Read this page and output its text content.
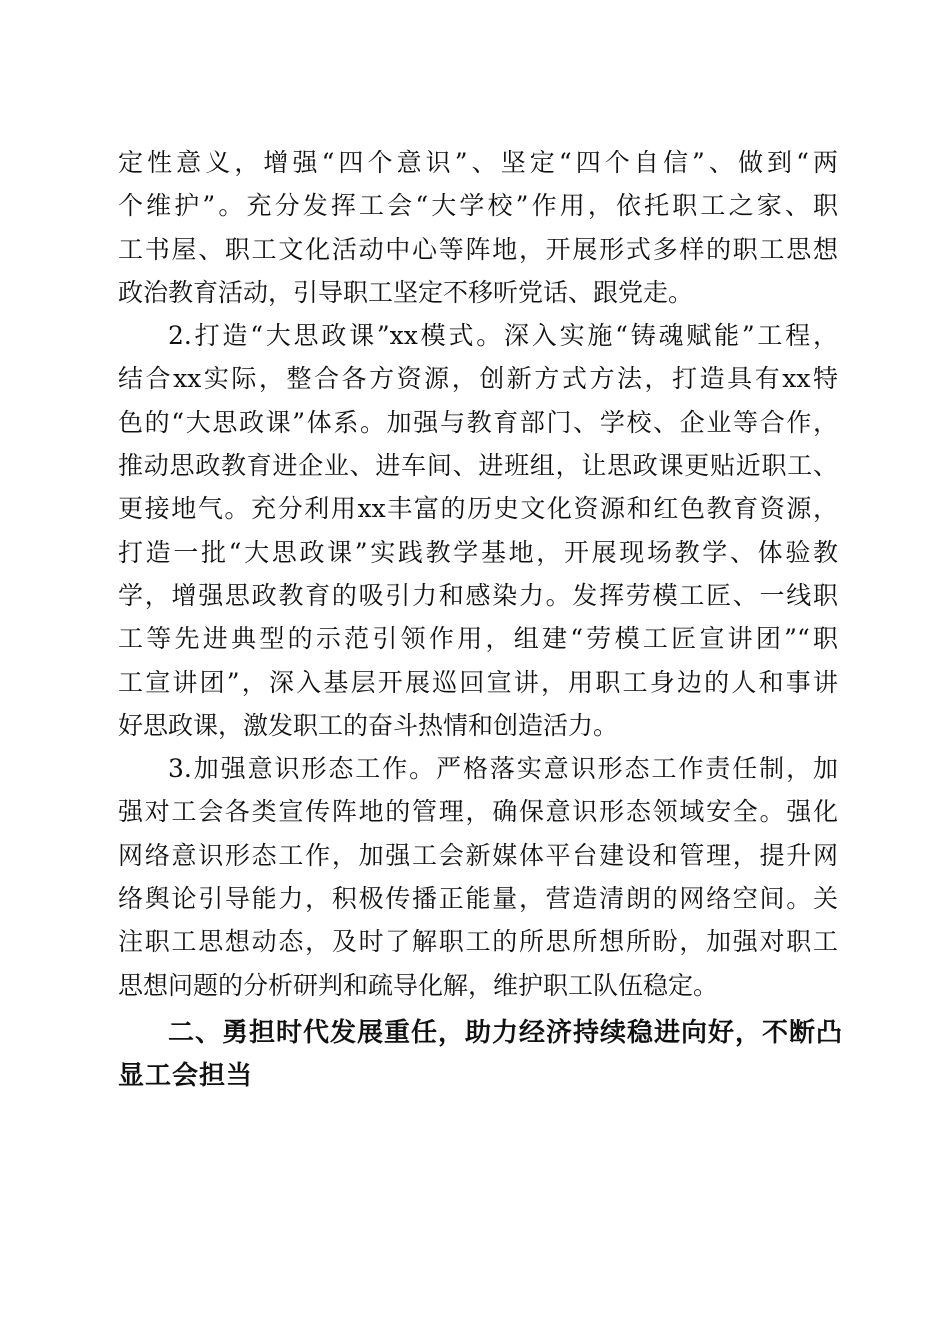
定性意义，增强“四个意识”、坚定“四个自信”、做到“两
个维护”。充分发挥工会“大学校”作用，依托职工之家、职
工书屋、职工文化活动中心等阵地，开展形式多样的职工思想
政治教育活动，引导职工坚定不移听党话、跟党走。
2.打造“大思政课”xx模式。深入实施“铸魂赋能”工程，
结合xx实际，整合各方资源，创新方式方法，打造具有xx特
色的“大思政课”体系。加强与教育部门、学校、企业等合作，
推动思政教育进企业、进车间、进班组，让思政课更贴近职工、
更接地气。充分利用xx丰富的历史文化资源和红色教育资源，
打造一批“大思政课”实践教学基地，开展现场教学、体验教
学，增强思政教育的吸引力和感染力。发挥劳模工匠、一线职
工等先进典型的示范引领作用，组建“劳模工匠宣讲团”“职
工宣讲团”，深入基层开展巡回宣讲，用职工身边的人和事讲
好思政课，激发职工的奋斗热情和创造活力。
3.加强意识形态工作。严格落实意识形态工作责任制，加
强对工会各类宣传阵地的管理，确保意识形态领域安全。强化
网络意识形态工作，加强工会新媒体平台建设和管理，提升网
络舆论引导能力，积极传播正能量，营造清朗的网络空间。关
注职工思想动态，及时了解职工的所思所想所盼，加强对职工
思想问题的分析研判和疏导化解，维护职工队伍稳定。
二、勇担时代发展重任，助力经济持续稳进向好，不断凸
显工会担当
